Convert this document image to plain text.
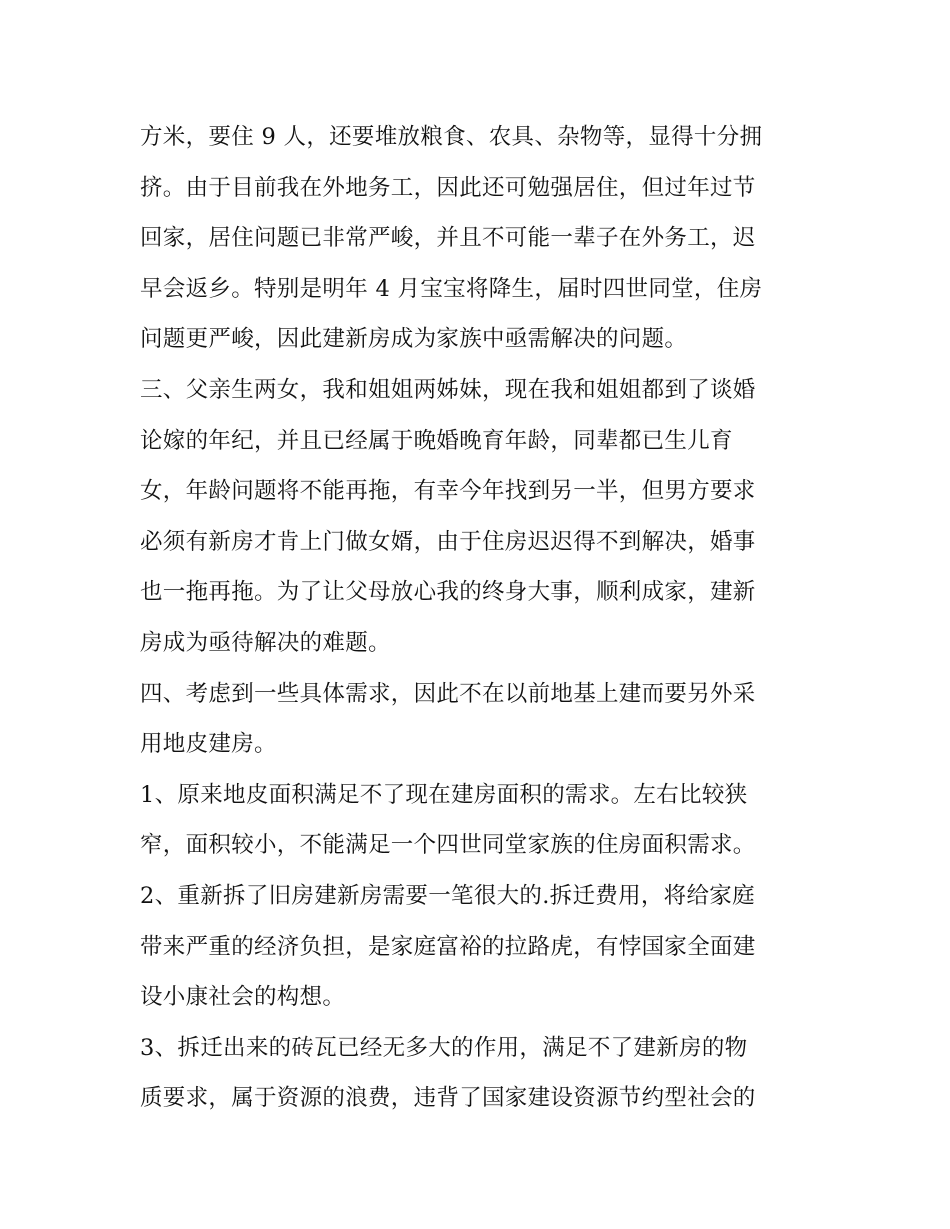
方米，要住 9 人，还要堆放粮食、农具、杂物等，显得十分拥
挤。由于目前我在外地务工，因此还可勉强居住，但过年过节
回家，居住问题已非常严峻，并且不可能一辈子在外务工，迟
早会返乡。特别是明年 4 月宝宝将降生，届时四世同堂，住房
问题更严峻，因此建新房成为家族中亟需解决的问题。
三、父亲生两女，我和姐姐两姊妹，现在我和姐姐都到了谈婚
论嫁的年纪，并且已经属于晚婚晚育年龄，同辈都已生儿育
女，年龄问题将不能再拖，有幸今年找到另一半，但男方要求
必须有新房才肯上门做女婿，由于住房迟迟得不到解决，婚事
也一拖再拖。为了让父母放心我的终身大事，顺利成家，建新
房成为亟待解决的难题。
四、考虑到一些具体需求，因此不在以前地基上建而要另外采
用地皮建房。
1、原来地皮面积满足不了现在建房面积的需求。左右比较狭
窄，面积较小，不能满足一个四世同堂家族的住房面积需求。
2、重新拆了旧房建新房需要一笔很大的.拆迁费用，将给家庭
带来严重的经济负担，是家庭富裕的拉路虎，有悖国家全面建
设小康社会的构想。
3、拆迁出来的砖瓦已经无多大的作用，满足不了建新房的物
质要求，属于资源的浪费，违背了国家建设资源节约型社会的
